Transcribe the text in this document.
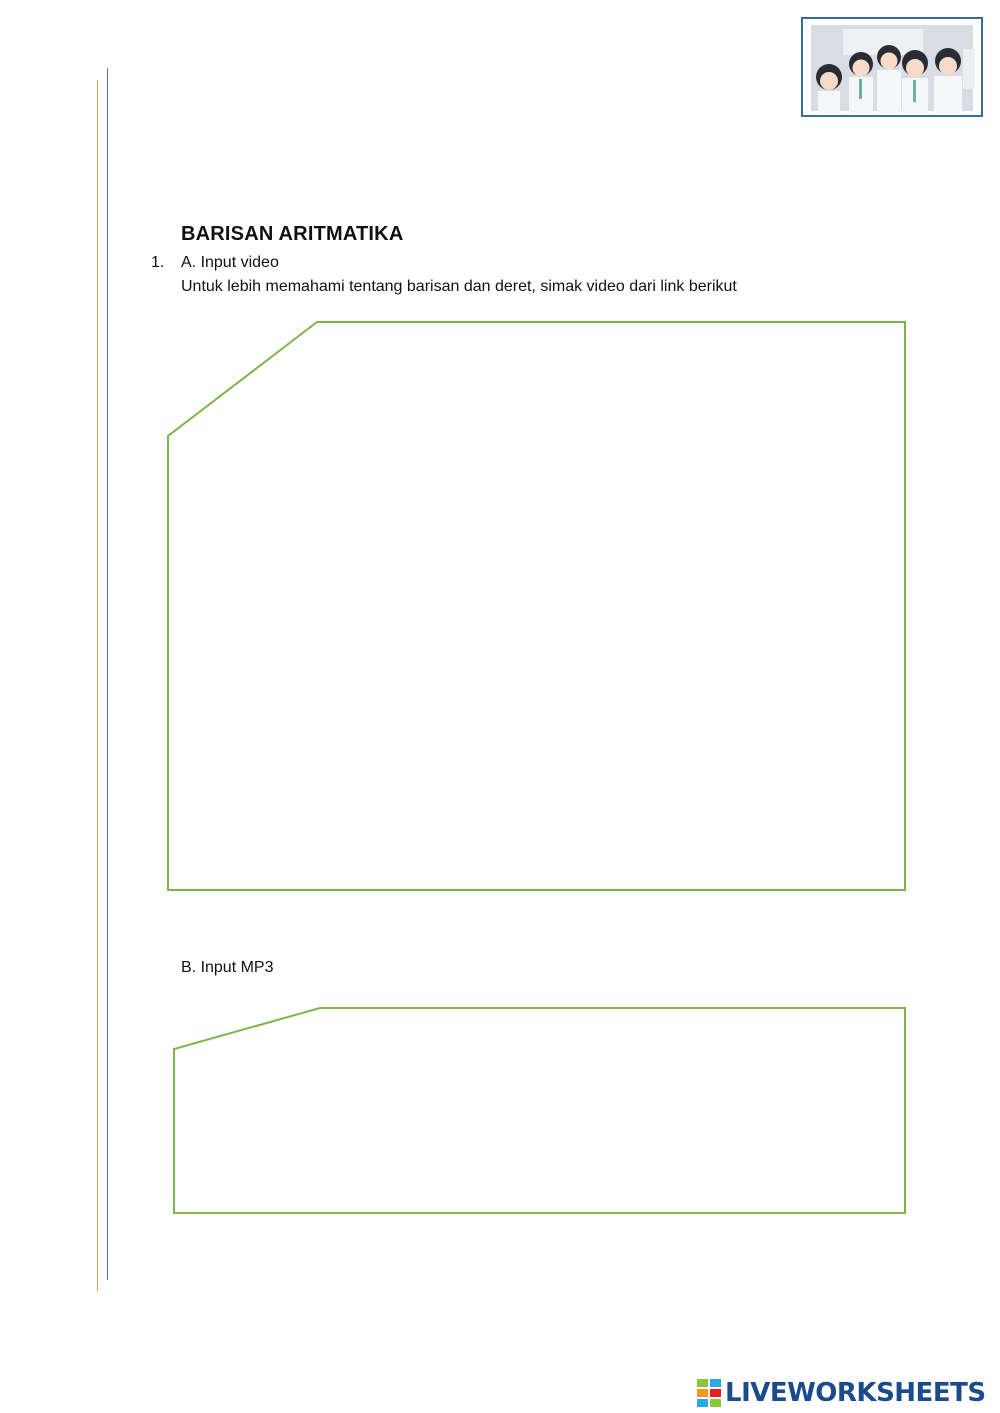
BARISAN ARITMATIKA
1. A. Input video
Untuk lebih memahami tentang barisan dan deret, simak video dari link berikut
B. Input MP3
LIVEWORKSHEETS
